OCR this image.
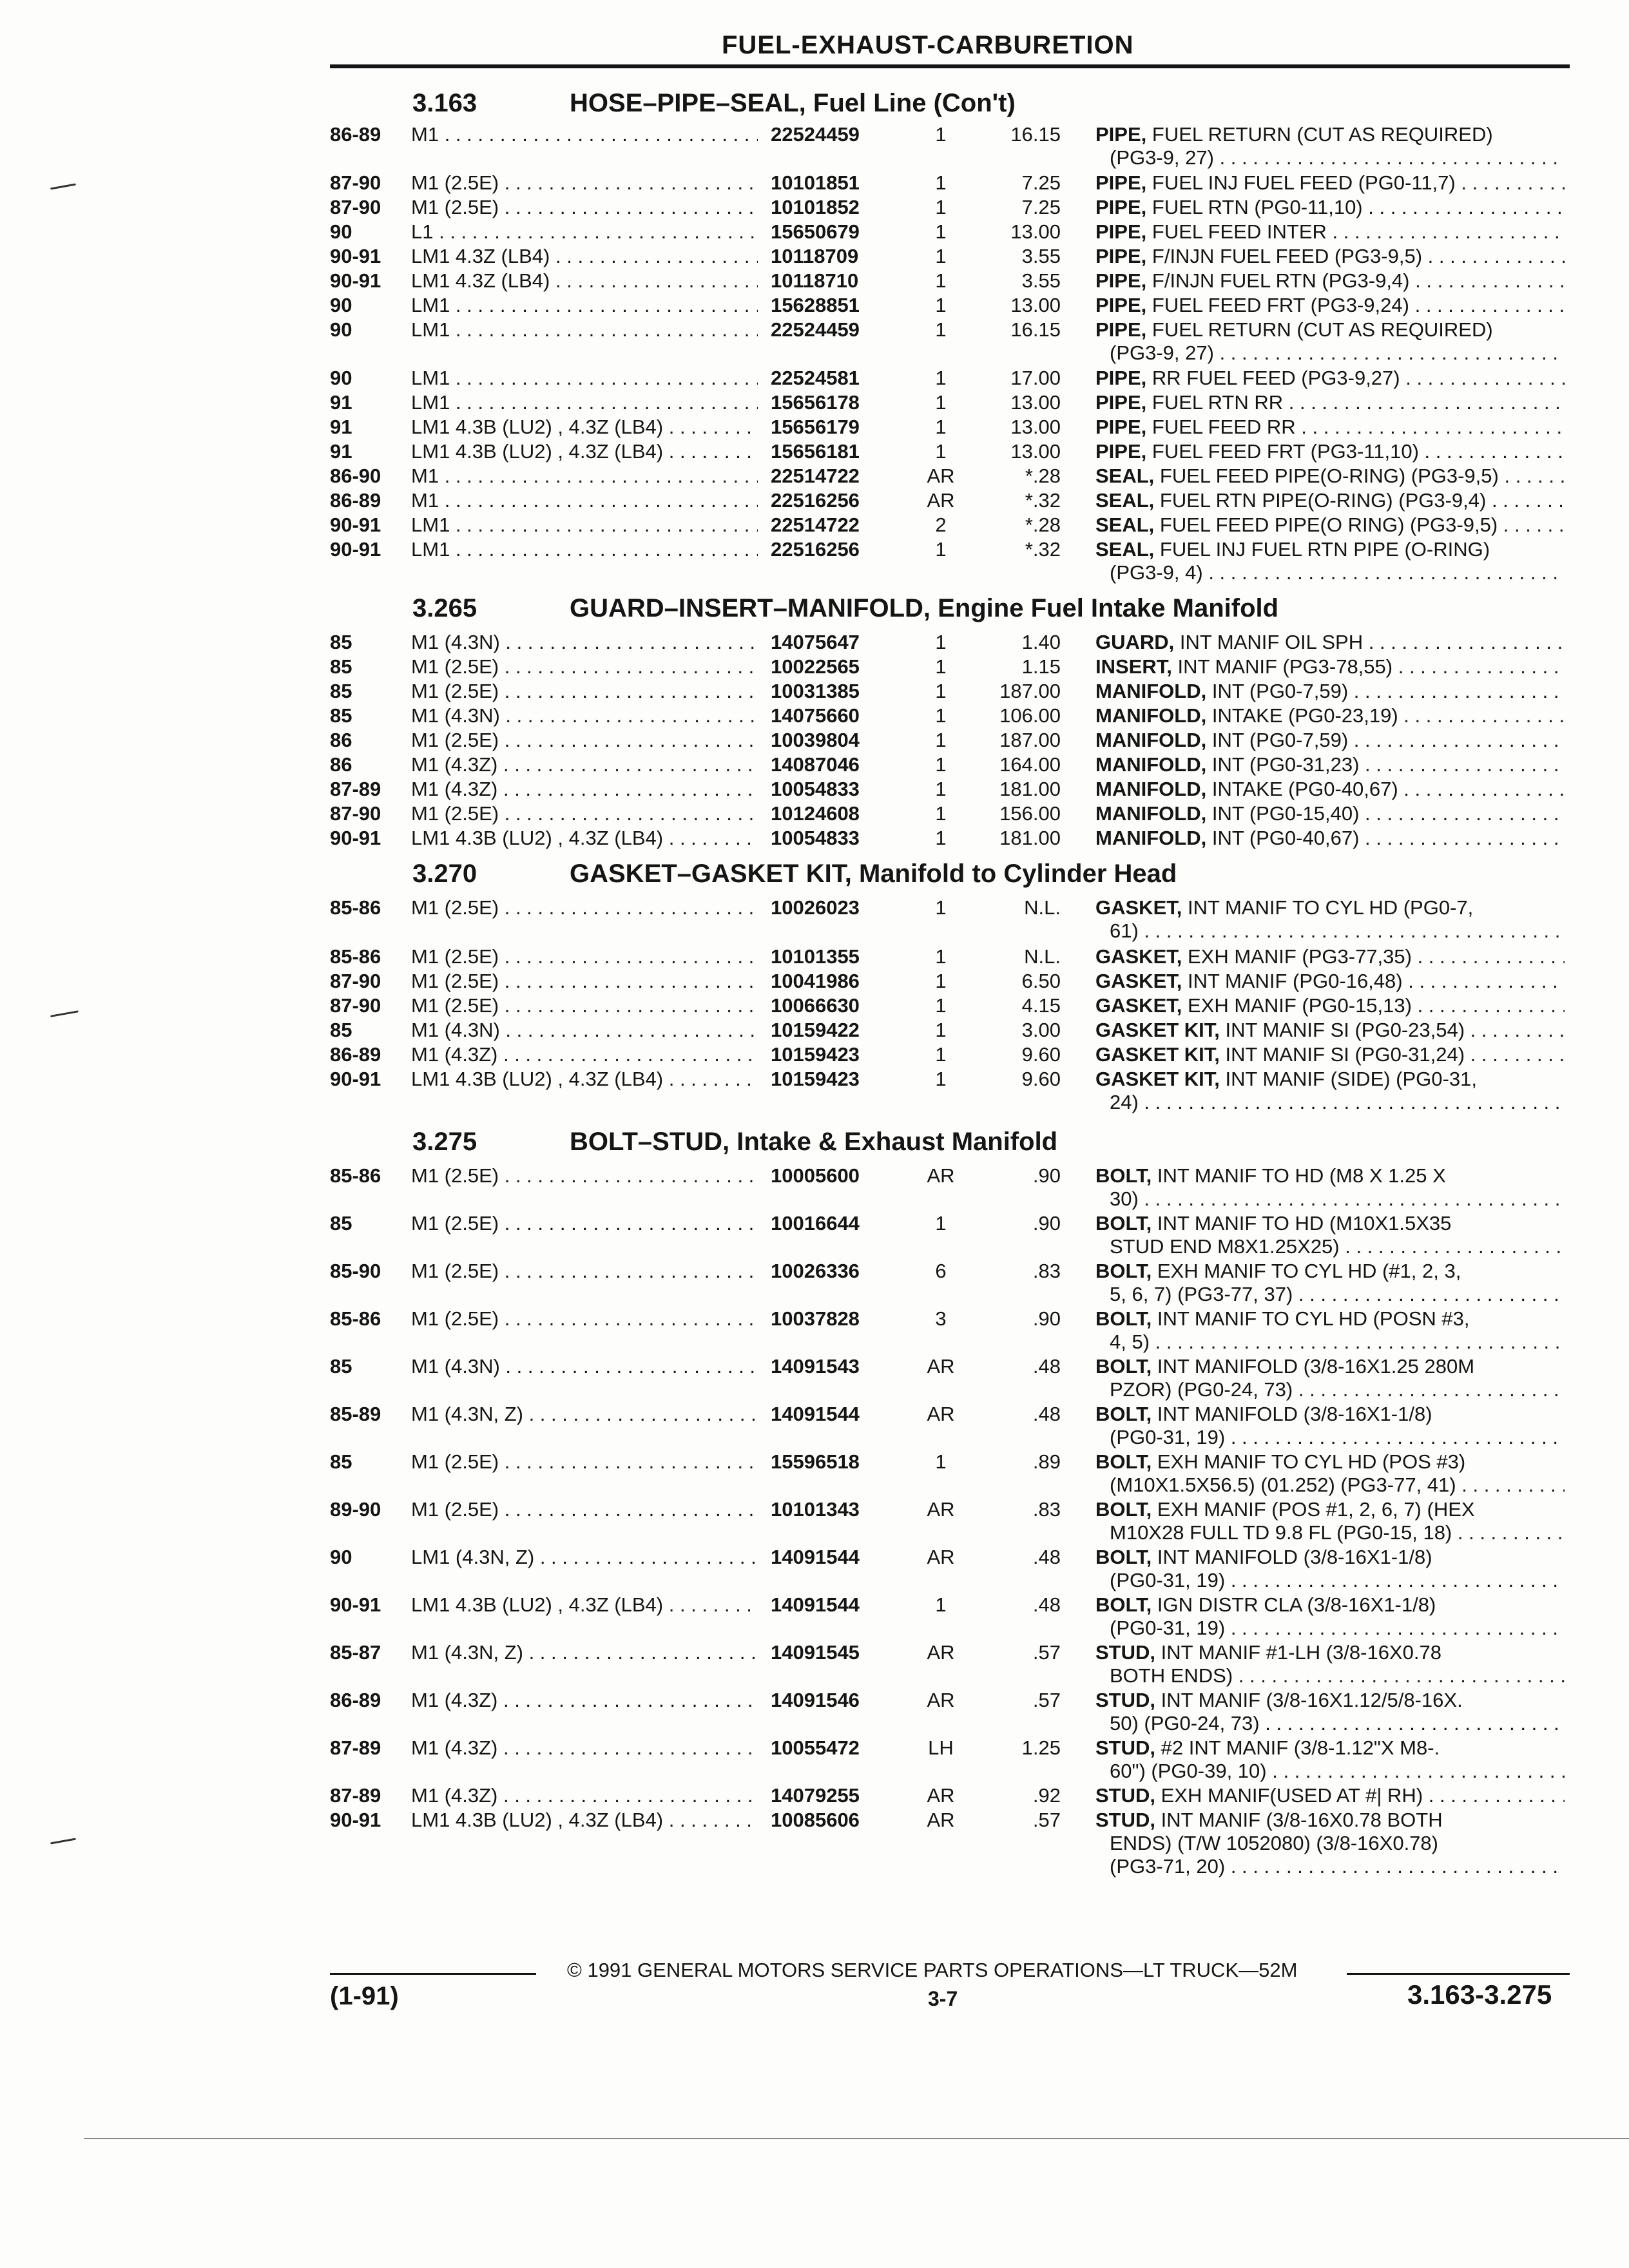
FUEL-EXHAUST-CARBURETION
3.163	HOSE–PIPE–SEAL, Fuel Line (Con't)
86-89 M1 . . .	22524459	1	16.15 PIPE, FUEL RETURN (CUT AS REQUIRED)
(PG3-9, 27) . . .
87-90 M1 (2.5E) . . .	10101851	1	7.25 PIPE, FUEL INJ FUEL FEED (PG0-11,7) . . .
87-90 M1 (2.5E) . . .	10101852	1	7.25 PIPE, FUEL RTN (PG0-11,10) . . .
90	L1 . . .	15650679	1	13.00 PIPE, FUEL FEED INTER . . .
90-91 LM1 4.3Z (LB4) . . .	10118709	1	3.55 PIPE, F/INJN FUEL FEED (PG3-9,5) . . .
90-91 LM1 4.3Z (LB4) . . .	10118710	1	3.55 PIPE, F/INJN FUEL RTN (PG3-9,4) . . .
90	LM1 . . .	15628851	1	13.00 PIPE, FUEL FEED FRT (PG3-9,24) . . .
90	LM1 . . .	22524459	1	16.15 PIPE, FUEL RETURN (CUT AS REQUIRED)
(PG3-9, 27) . . .
90	LM1 . . .	22524581	1	17.00 PIPE, RR FUEL FEED (PG3-9,27) . . .
91	LM1 . . .	15656178	1	13.00 PIPE, FUEL RTN RR . . .
91	LM1 4.3B (LU2) , 4.3Z (LB4) . . .	15656179	1	13.00 PIPE, FUEL FEED RR . . .
91	LM1 4.3B (LU2) , 4.3Z (LB4) . . .	15656181	1	13.00 PIPE, FUEL FEED FRT (PG3-11,10) . . .
86-90 M1 . . .	22514722	AR	*.28 SEAL, FUEL FEED PIPE(O-RING) (PG3-9,5) . . .
86-89 M1 . . .	22516256	AR	*.32 SEAL, FUEL RTN PIPE(O-RING) (PG3-9,4) . . .
90-91 LM1 . . .	22514722	2	*.28 SEAL, FUEL FEED PIPE(O RING) (PG3-9,5) . . .
90-91 LM1 . . .	22516256	1	*.32 SEAL, FUEL INJ FUEL RTN PIPE (O-RING)
(PG3-9, 4) . . .
3.265	GUARD–INSERT–MANIFOLD, Engine Fuel Intake Manifold
85	M1 (4.3N) . . .	14075647	1	1.40 GUARD, INT MANIF OIL SPH . . .
85	M1 (2.5E) . . .	10022565	1	1.15 INSERT, INT MANIF (PG3-78,55) . . .
85	M1 (2.5E) . . .	10031385	1	187.00 MANIFOLD, INT (PG0-7,59) . . .
85	M1 (4.3N) . . .	14075660	1	106.00 MANIFOLD, INTAKE (PG0-23,19) . . .
86	M1 (2.5E) . . .	10039804	1	187.00 MANIFOLD, INT (PG0-7,59) . . .
86	M1 (4.3Z) . . .	14087046	1	164.00 MANIFOLD, INT (PG0-31,23) . . .
87-89 M1 (4.3Z) . . .	10054833	1	181.00 MANIFOLD, INTAKE (PG0-40,67) . . .
87-90 M1 (2.5E) . . .	10124608	1	156.00 MANIFOLD, INT (PG0-15,40) . . .
90-91 LM1 4.3B (LU2) , 4.3Z (LB4) . . .	10054833	1	181.00 MANIFOLD, INT (PG0-40,67) . . .
3.270	GASKET–GASKET KIT, Manifold to Cylinder Head
85-86 M1 (2.5E) . . .	10026023	1	N.L. GASKET, INT MANIF TO CYL HD (PG0-7,
61) . . .
85-86 M1 (2.5E) . . .	10101355	1	N.L. GASKET, EXH MANIF (PG3-77,35) . . .
87-90 M1 (2.5E) . . .	10041986	1	6.50 GASKET, INT MANIF (PG0-16,48) . . .
87-90 M1 (2.5E) . . .	10066630	1	4.15 GASKET, EXH MANIF (PG0-15,13) . . .
85	M1 (4.3N) . . .	10159422	1	3.00 GASKET KIT, INT MANIF SI (PG0-23,54) . . .
86-89 M1 (4.3Z) . . .	10159423	1	9.60 GASKET KIT, INT MANIF SI (PG0-31,24) . . .
90-91 LM1 4.3B (LU2) , 4.3Z (LB4) . . .	10159423	1	9.60 GASKET KIT, INT MANIF (SIDE) (PG0-31,
24) . . .
3.275	BOLT–STUD, Intake & Exhaust Manifold
85-86 M1 (2.5E) . . .	10005600	AR	.90 BOLT, INT MANIF TO HD (M8 X 1.25 X
30) . . .
85	M1 (2.5E) . . .	10016644	1	.90 BOLT, INT MANIF TO HD (M10X1.5X35
STUD END M8X1.25X25) . . .
85-90 M1 (2.5E) . . .	10026336	6	.83 BOLT, EXH MANIF TO CYL HD (#1, 2, 3,
5, 6, 7) (PG3-77, 37) . . .
85-86 M1 (2.5E) . . .	10037828	3	.90 BOLT, INT MANIF TO CYL HD (POSN #3,
4, 5) . . .
85	M1 (4.3N) . . .	14091543	AR	.48 BOLT, INT MANIFOLD (3/8-16X1.25 280M
PZOR) (PG0-24, 73) . . .
85-89 M1 (4.3N, Z) . . .	14091544	AR	.48 BOLT, INT MANIFOLD (3/8-16X1-1/8)
(PG0-31, 19) . . .
85	M1 (2.5E) . . .	15596518	1	.89 BOLT, EXH MANIF TO CYL HD (POS #3)
(M10X1.5X56.5) (01.252) (PG3-77, 41) . . .
89-90 M1 (2.5E) . . .	10101343	AR	.83 BOLT, EXH MANIF (POS #1, 2, 6, 7) (HEX
M10X28 FULL TD 9.8 FL (PG0-15, 18) . . .
90	LM1 (4.3N, Z) . . .	14091544	AR	.48 BOLT, INT MANIFOLD (3/8-16X1-1/8)
(PG0-31, 19) . . .
90-91 LM1 4.3B (LU2) , 4.3Z (LB4) . . .	14091544	1	.48 BOLT, IGN DISTR CLA (3/8-16X1-1/8)
(PG0-31, 19) . . .
85-87 M1 (4.3N, Z) . . .	14091545	AR	.57 STUD, INT MANIF #1-LH (3/8-16X0.78
BOTH ENDS) . . .
86-89 M1 (4.3Z) . . .	14091546	AR	.57 STUD, INT MANIF (3/8-16X1.12/5/8-16X.
50) (PG0-24, 73) . . .
87-89 M1 (4.3Z) . . .	10055472	LH	1.25 STUD, #2 INT MANIF (3/8-1.12"X M8-.
60") (PG0-39, 10) . . .
87-89 M1 (4.3Z) . . .	14079255	AR	.92 STUD, EXH MANIF(USED AT #| RH) . . .
90-91 LM1 4.3B (LU2) , 4.3Z (LB4) . . .	10085606	AR	.57 STUD, INT MANIF (3/8-16X0.78 BOTH
ENDS) (T/W 1052080) (3/8-16X0.78)
(PG3-71, 20) . . .
© 1991 GENERAL MOTORS SERVICE PARTS OPERATIONS—LT TRUCK—52M
(1-91)	3-7	3.163-3.275
